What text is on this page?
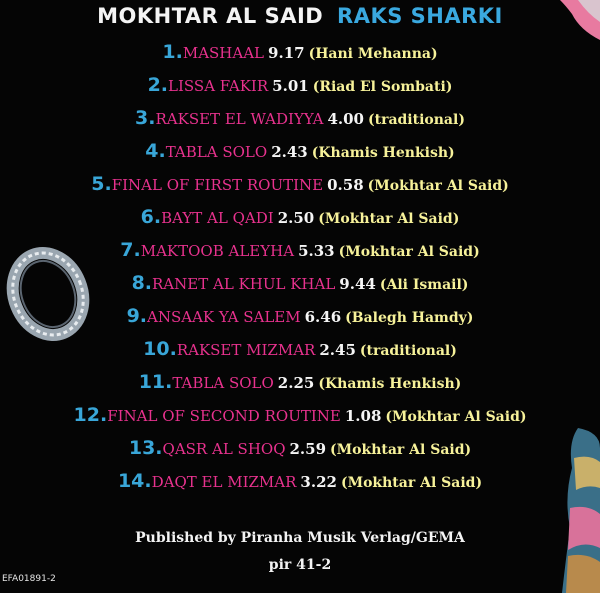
MOKHTAR AL SAID RAKS SHARKI
1.MASHAAL 9.17 (Hani Mehanna)
2.LISSA FAKIR 5.01 (Riad El Sombati)
3.RAKSET EL WADIYYA 4.00 (traditional)
4.TABLA SOLO 2.43 (Khamis Henkish)
5.FINAL OF FIRST ROUTINE 0.58 (Mokhtar Al Said)
6.BAYT AL QADI 2.50 (Mokhtar Al Said)
7.MAKTOOB ALEYHA 5.33 (Mokhtar Al Said)
8.RANET AL KHUL KHAL 9.44 (Ali Ismail)
9.ANSAAK YA SALEM 6.46 (Balegh Hamdy)
10.RAKSET MIZMAR 2.45 (traditional)
11.TABLA SOLO 2.25 (Khamis Henkish)
12.FINAL OF SECOND ROUTINE 1.08 (Mokhtar Al Said)
13.QASR AL SHOQ 2.59 (Mokhtar Al Said)
14.DAQT EL MIZMAR 3.22 (Mokhtar Al Said)
Published by Piranha Musik Verlag/GEMA
pir 41-2
EFA01891-2
